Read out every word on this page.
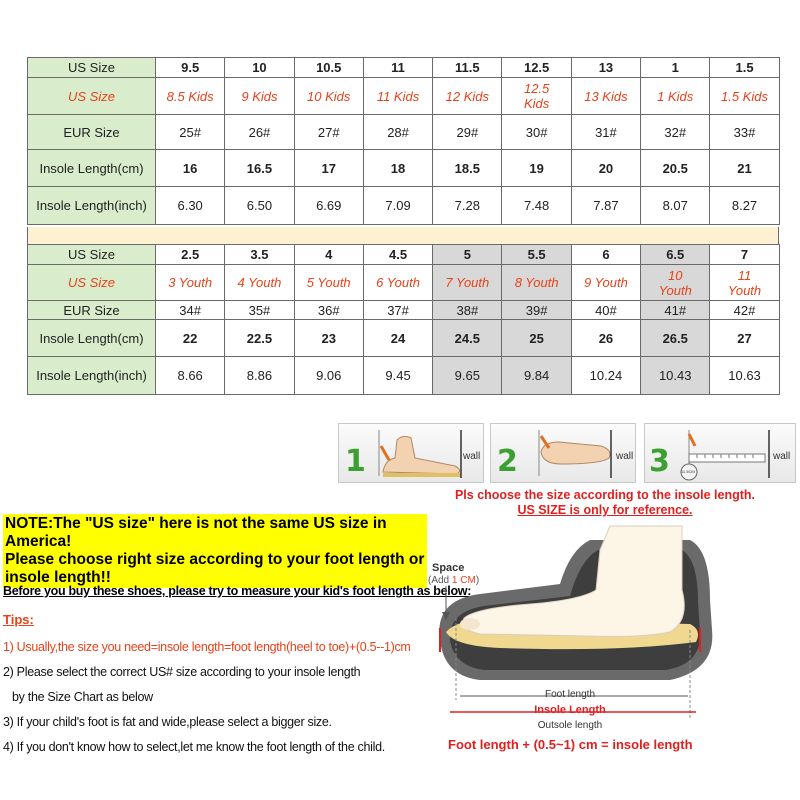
US Size	9.5	10	10.5	11	11.5	12.5	13	1	1.5
US Size	8.5 Kids	9 Kids	10 Kids	11 Kids	12 Kids	12.5 Kids	13 Kids	1 Kids	1.5 Kids
EUR Size	25#	26#	27#	28#	29#	30#	31#	32#	33#
Insole Length(cm)	16	16.5	17	18	18.5	19	20	20.5	21
Insole Length(inch)	6.30	6.50	6.69	7.09	7.28	7.48	7.87	8.07	8.27
US Size	2.5	3.5	4	4.5	5	5.5	6	6.5	7
US Size	3 Youth	4 Youth	5 Youth	6 Youth	7 Youth	8 Youth	9 Youth	10 Youth	11 Youth
EUR Size	34#	35#	36#	37#	38#	39#	40#	41#	42#
Insole Length(cm)	22	22.5	23	24	24.5	25	26	26.5	27
Insole Length(inch)	8.66	8.86	9.06	9.45	9.65	9.84	10.24	10.43	10.63
1	wall 2	wall 3	11.5CM
wall
NOTE:The "US size" here is not the same US size in America!
Please choose right size according to your foot length or insole length!!
Before you buy these shoes, please try to measure your kid's foot length as below:
Tips:
1) Usually,the size you need=insole length=foot length(heel to toe)+(0.5--1)cm
2) Please select the correct US# size according to your insole length
by the Size Chart as below
3) If your child's foot is fat and wide,please select a bigger size.
4) If you don't know how to select,let me know the foot length of the child.
Pls choose the size according to the insole length.
US SIZE is only for reference.
Space
(Add 1 CM)
Foot length
Insole Length
Outsole length
Foot length + (0.5~1) cm = insole length
